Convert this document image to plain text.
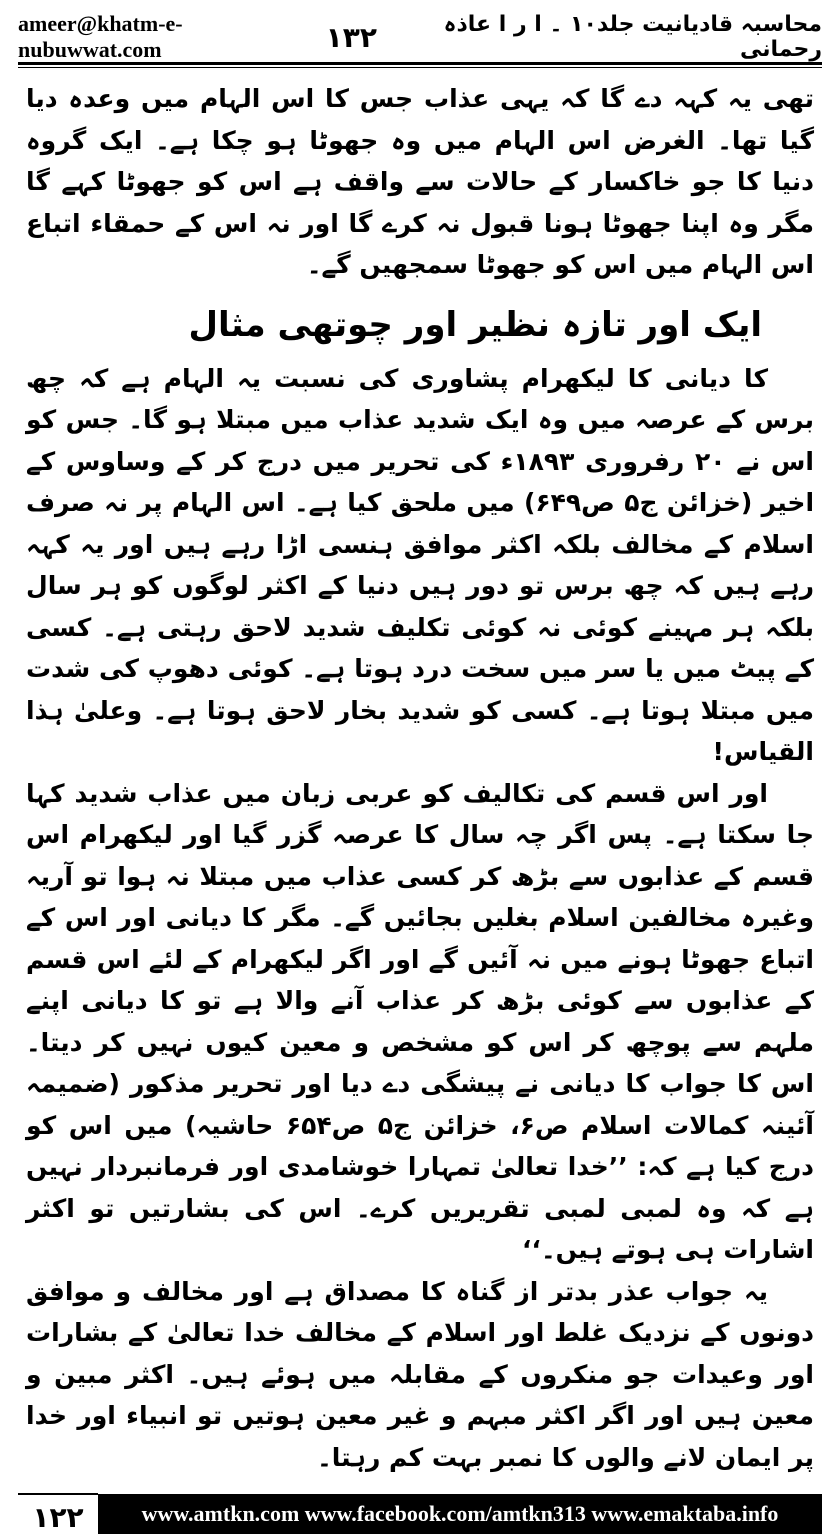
ameer@khatm-e-nubuwwat.com	۱۳۲	محاسبہ قادیانیت جلد۱۰ ۔ ا ر ا عاذہ رحمانی

تھی یہ کہہ دے گا کہ یہی عذاب جس کا اس الہام میں وعدہ دیا گیا تھا۔ الغرض اس الہام میں وہ جھوٹا ہو چکا ہے۔ ایک گروہ دنیا کا جو خاکسار کے حالات سے واقف ہے اس کو جھوٹا کہے گا مگر وہ اپنا جھوٹا ہونا قبول نہ کرے گا اور نہ اس کے حمقاء اتباع اس الہام میں اس کو جھوٹا سمجھیں گے۔

ایک اور تازہ نظیر اور چوتھی مثال

کا دیانی کا لیکھرام پشاوری کی نسبت یہ الہام ہے کہ چھ برس کے عرصہ میں وہ ایک شدید عذاب میں مبتلا ہو گا۔ جس کو اس نے ۲۰ رفروری ۱۸۹۳ء کی تحریر میں درج کر کے وساوس کے اخیر (خزائن ج۵ ص۶۴۹) میں ملحق کیا ہے۔ اس الہام پر نہ صرف اسلام کے مخالف بلکہ اکثر موافق ہنسی اڑا رہے ہیں اور یہ کہہ رہے ہیں کہ چھ برس تو دور ہیں دنیا کے اکثر لوگوں کو ہر سال بلکہ ہر مہینے کوئی نہ کوئی تکلیف شدید لاحق رہتی ہے۔ کسی کے پیٹ میں یا سر میں سخت درد ہوتا ہے۔ کوئی دھوپ کی شدت میں مبتلا ہوتا ہے۔ کسی کو شدید بخار لاحق ہوتا ہے۔ وعلیٰ ہذا القیاس!

اور اس قسم کی تکالیف کو عربی زبان میں عذاب شدید کہا جا سکتا ہے۔ پس اگر چہ سال کا عرصہ گزر گیا اور لیکھرام اس قسم کے عذابوں سے بڑھ کر کسی عذاب میں مبتلا نہ ہوا تو آریہ وغیرہ مخالفین اسلام بغلیں بجائیں گے۔ مگر کا دیانی اور اس کے اتباع جھوٹا ہونے میں نہ آئیں گے اور اگر لیکھرام کے لئے اس قسم کے عذابوں سے کوئی بڑھ کر عذاب آنے والا ہے تو کا دیانی اپنے ملہم سے پوچھ کر اس کو مشخص و معین کیوں نہیں کر دیتا۔ اس کا جواب کا دیانی نے پیشگی دے دیا اور تحریر مذکور (ضمیمہ آئینہ کمالات اسلام ص۶، خزائن ج۵ ص۶۵۴ حاشیہ) میں اس کو درج کیا ہے کہ: ’’خدا تعالیٰ تمہارا خوشامدی اور فرمانبردار نہیں ہے کہ وہ لمبی لمبی تقریریں کرے۔ اس کی بشارتیں تو اکثر اشارات ہی ہوتے ہیں۔‘‘

یہ جواب عذر بدتر از گناہ کا مصداق ہے اور مخالف و موافق دونوں کے نزدیک غلط اور اسلام کے مخالف خدا تعالیٰ کے بشارات اور وعیدات جو منکروں کے مقابلہ میں ہوئے ہیں۔ اکثر مبین و معین ہیں اور اگر اکثر مبہم و غیر معین ہوتیں تو انبیاء اور خدا پر ایمان لانے والوں کا نمبر بہت کم رہتا۔

۱۲۲	www.amtkn.com www.facebook.com/amtkn313 www.emaktaba.info
